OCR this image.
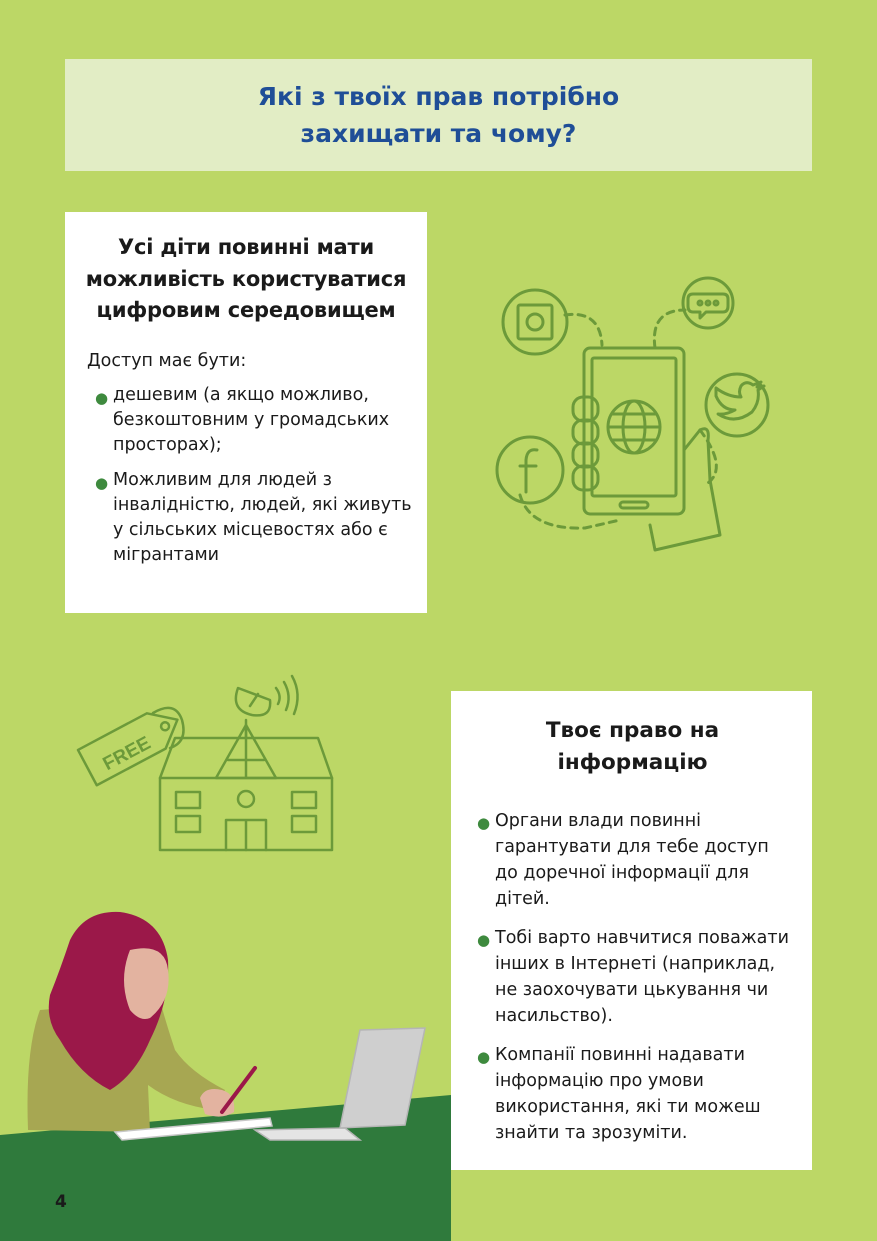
Які з твоїх прав потрібно захищати та чому?
Усі діти повинні мати можливість користуватися цифровим середовищем

Доступ має бути:

● дешевим (а якщо можливо, безкоштовним у громадських просторах);
● Можливим для людей з інвалідністю, людей, які живуть у сільських місцевостях або є мігрантами
FREE
Твоє право на інформацію
● Органи влади повинні гарантувати для тебе доступ до доречної інформації для дітей.
● Тобі варто навчитися поважати інших в Інтернеті (наприклад, не заохочувати цькування чи насильство).
● Компанії повинні надавати інформацію про умови використання, які ти можеш знайти та зрозуміти.
4
